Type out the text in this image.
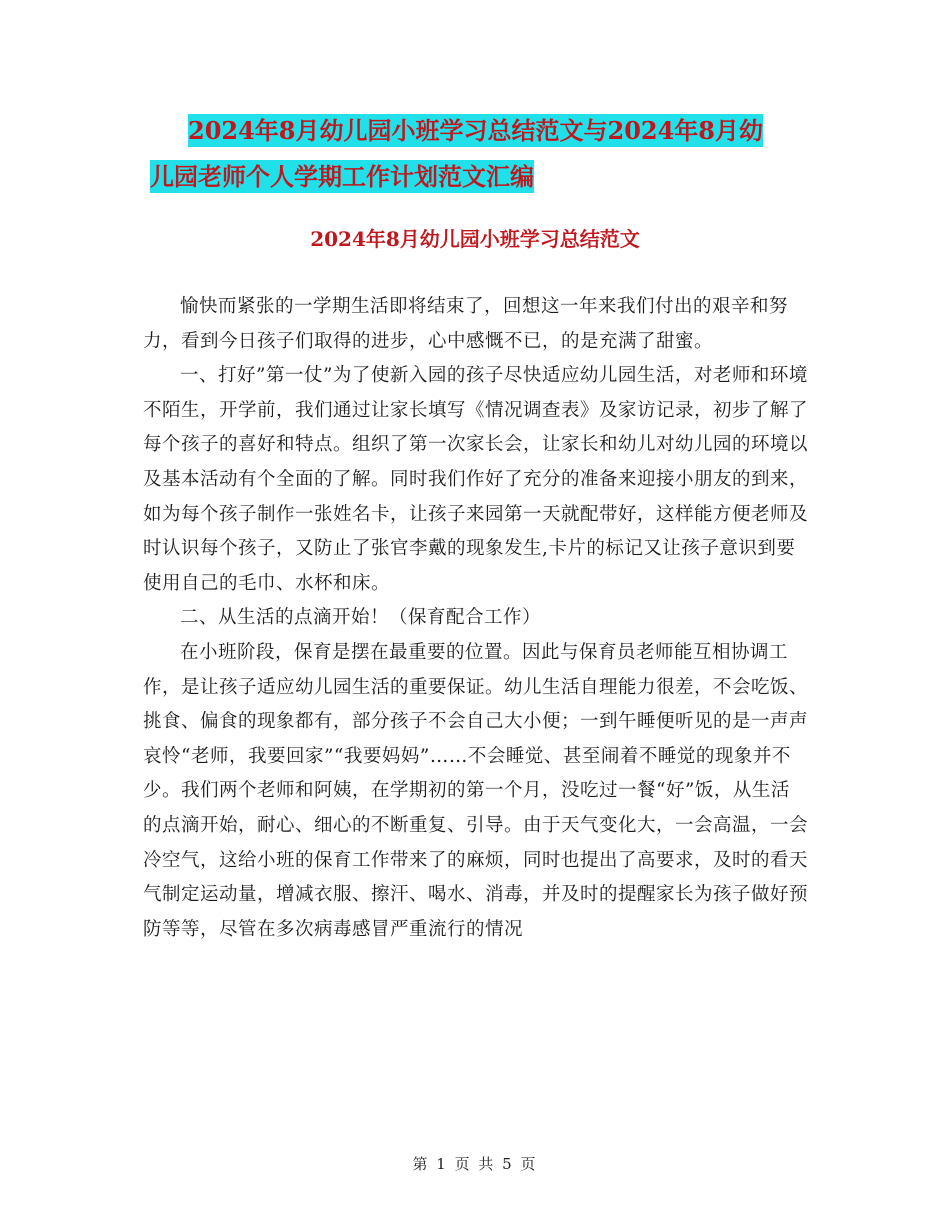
2024年8月幼儿园小班学习总结范文与2024年8月幼
儿园老师个人学期工作计划范文汇编
2024年8月幼儿园小班学习总结范文

愉快而紧张的一学期生活即将结束了，回想这一年来我们付出的艰辛和努力，看到今日孩子们取得的进步，心中感慨不已，的是充满了甜蜜。

一、打好”第一仗”为了使新入园的孩子尽快适应幼儿园生活，对老师和环境不陌生，开学前，我们通过让家长填写《情况调查表》及家访记录，初步了解了每个孩子的喜好和特点。组织了第一次家长会，让家长和幼儿对幼儿园的环境以及基本活动有个全面的了解。同时我们作好了充分的准备来迎接小朋友的到来，如为每个孩子制作一张姓名卡，让孩子来园第一天就配带好，这样能方便老师及时认识每个孩子，又防止了张官李戴的现象发生,卡片的标记又让孩子意识到要使用自己的毛巾、水杯和床。

二、从生活的点滴开始！（保育配合工作）

在小班阶段，保育是摆在最重要的位置。因此与保育员老师能互相协调工作，是让孩子适应幼儿园生活的重要保证。幼儿生活自理能力很差，不会吃饭、挑食、偏食的现象都有，部分孩子不会自己大小便；一到午睡便听见的是一声声哀怜“老师，我要回家”“我要妈妈”……不会睡觉、甚至闹着不睡觉的现象并不少。我们两个老师和阿姨，在学期初的第一个月，没吃过一餐“好”饭，从生活的点滴开始，耐心、细心的不断重复、引导。由于天气变化大，一会高温，一会冷空气，这给小班的保育工作带来了的麻烦，同时也提出了高要求，及时的看天气制定运动量，增减衣服、擦汗、喝水、消毒，并及时的提醒家长为孩子做好预防等等，尽管在多次病毒感冒严重流行的情况

第 1 页 共 5 页
